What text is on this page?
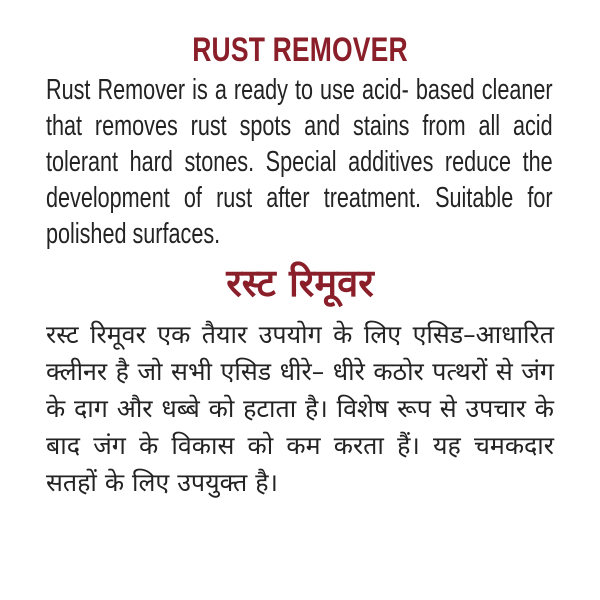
RUST REMOVER

Rust Remover is a ready to use acid- based cleaner that removes rust spots and stains from all acid tolerant hard stones. Special additives reduce the development of rust after treatment. Suitable for polished surfaces.

रस्ट रिमूवर

रस्ट रिमूवर एक तैयार उपयोग के लिए एसिड–आधारित क्लीनर है जो सभी एसिड धीरे– धीरे कठोर पत्थरों से जंग के दाग और धब्बे को हटाता है। विशेष रूप से उपचार के बाद जंग के विकास को कम करता हैं। यह चमकदार सतहों के लिए उपयुक्त है।
